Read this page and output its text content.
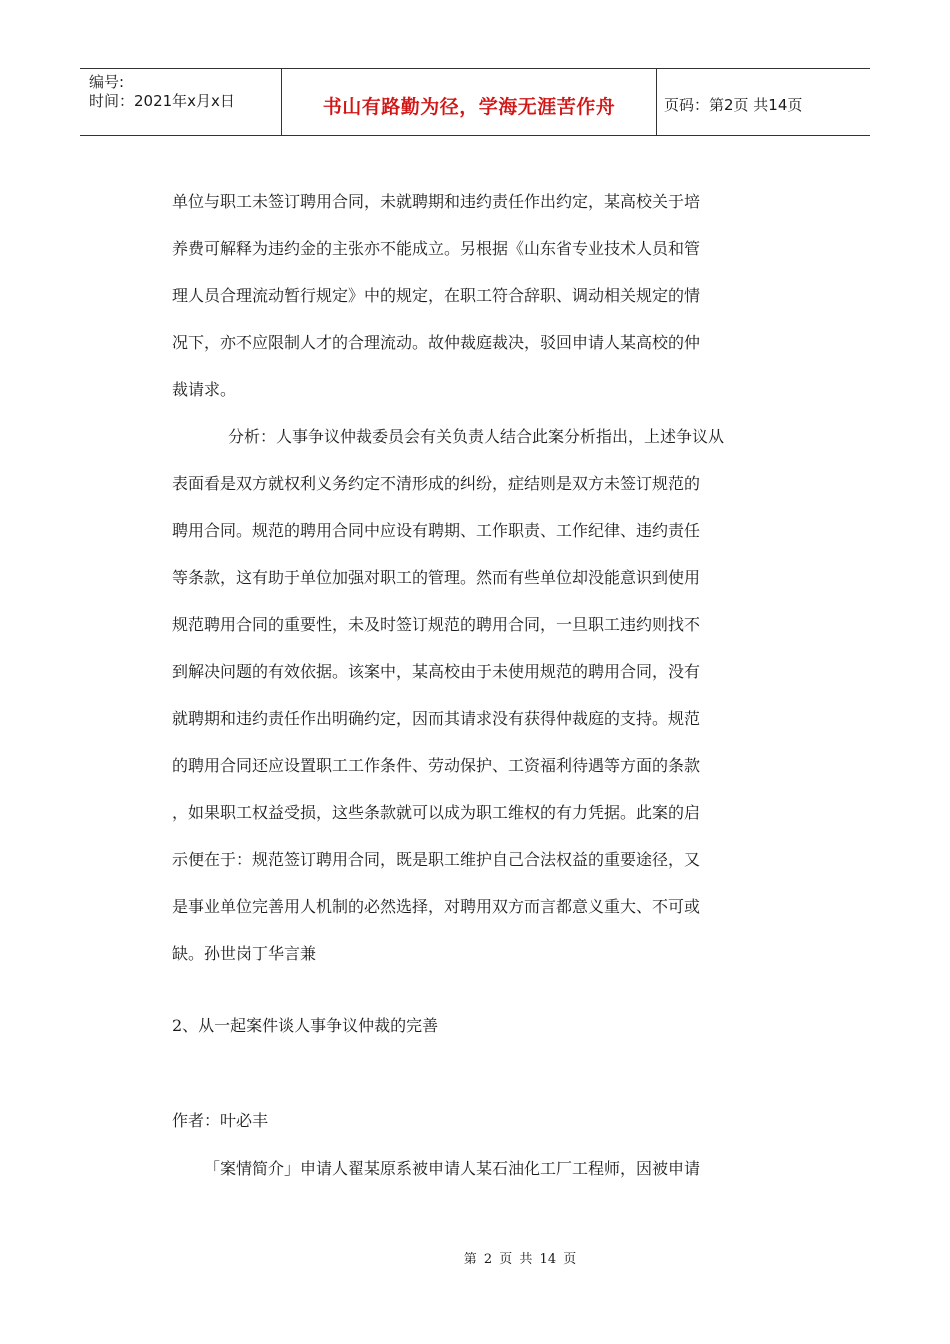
编号:
时间：2021年x月x日	书山有路勤为径，学海无涯苦作舟	页码：第2页 共14页

单位与职工未签订聘用合同，未就聘期和违约责任作出约定，某高校关于培

养费可解释为违约金的主张亦不能成立。另根据《山东省专业技术人员和管

理人员合理流动暂行规定》中的规定，在职工符合辞职、调动相关规定的情

况下，亦不应限制人才的合理流动。故仲裁庭裁决，驳回申请人某高校的仲

裁请求。

分析：人事争议仲裁委员会有关负责人结合此案分析指出，上述争议从

表面看是双方就权利义务约定不清形成的纠纷，症结则是双方未签订规范的

聘用合同。规范的聘用合同中应设有聘期、工作职责、工作纪律、违约责任

等条款，这有助于单位加强对职工的管理。然而有些单位却没能意识到使用

规范聘用合同的重要性，未及时签订规范的聘用合同，一旦职工违约则找不

到解决问题的有效依据。该案中，某高校由于未使用规范的聘用合同，没有

就聘期和违约责任作出明确约定，因而其请求没有获得仲裁庭的支持。规范

的聘用合同还应设置职工工作条件、劳动保护、工资福利待遇等方面的条款

，如果职工权益受损，这些条款就可以成为职工维权的有力凭据。此案的启

示便在于：规范签订聘用合同，既是职工维护自己合法权益的重要途径，又

是事业单位完善用人机制的必然选择，对聘用双方而言都意义重大、不可或

缺。孙世岗丁华言兼

2、从一起案件谈人事争议仲裁的完善
作者：叶必丰
「案情简介」申请人翟某原系被申请人某石油化工厂工程师，因被申请
第 2 页 共 14 页
